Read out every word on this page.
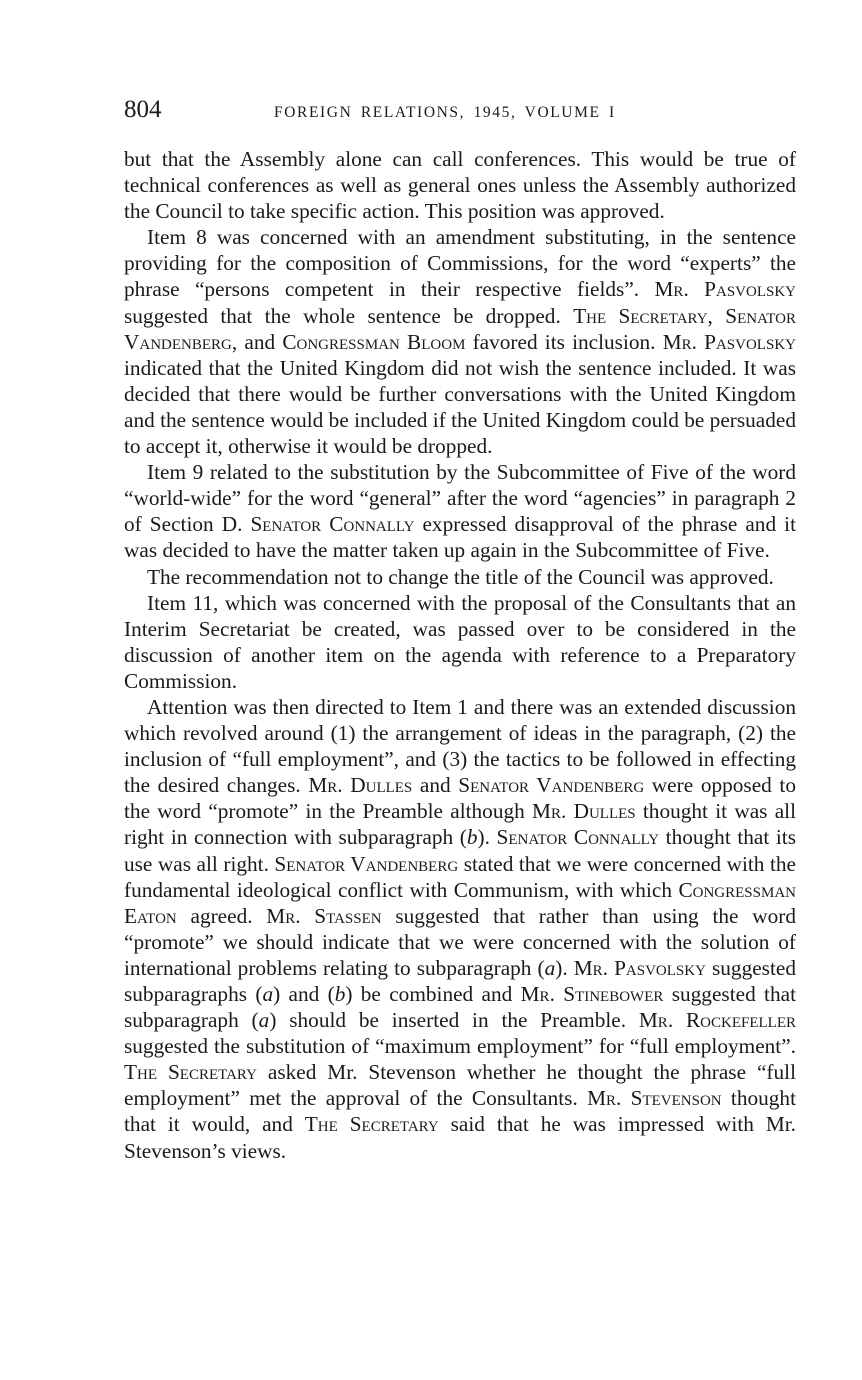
804	FOREIGN RELATIONS, 1945, VOLUME I

but that the Assembly alone can call conferences. This would be true of technical conferences as well as general ones unless the Assembly authorized the Council to take specific action. This position was approved.

Item 8 was concerned with an amendment substituting, in the sentence providing for the composition of Commissions, for the word “experts” the phrase “persons competent in their respective fields”. Mr. Pasvolsky suggested that the whole sentence be dropped. The Secretary, Senator Vandenberg, and Congressman Bloom favored its inclusion. Mr. Pasvolsky indicated that the United Kingdom did not wish the sentence included. It was decided that there would be further conversations with the United Kingdom and the sentence would be included if the United Kingdom could be persuaded to accept it, otherwise it would be dropped.

Item 9 related to the substitution by the Subcommittee of Five of the word “world-wide” for the word “general” after the word “agencies” in paragraph 2 of Section D. Senator Connally expressed disapproval of the phrase and it was decided to have the matter taken up again in the Subcommittee of Five.

The recommendation not to change the title of the Council was approved.

Item 11, which was concerned with the proposal of the Consultants that an Interim Secretariat be created, was passed over to be considered in the discussion of another item on the agenda with reference to a Preparatory Commission.

Attention was then directed to Item 1 and there was an extended discussion which revolved around (1) the arrangement of ideas in the paragraph, (2) the inclusion of “full employment”, and (3) the tactics to be followed in effecting the desired changes. Mr. Dulles and Senator Vandenberg were opposed to the word “promote” in the Preamble although Mr. Dulles thought it was all right in connection with subparagraph (b). Senator Connally thought that its use was all right. Senator Vandenberg stated that we were concerned with the fundamental ideological conflict with Communism, with which Congressman Eaton agreed. Mr. Stassen suggested that rather than using the word “promote” we should indicate that we were concerned with the solution of international problems relating to subparagraph (a). Mr. Pasvolsky suggested subparagraphs (a) and (b) be combined and Mr. Stinebower suggested that subparagraph (a) should be inserted in the Preamble. Mr. Rockefeller suggested the substitution of “maximum employment” for “full employment”. The Secretary asked Mr. Stevenson whether he thought the phrase “full employment” met the approval of the Consultants. Mr. Stevenson thought that it would, and The Secretary said that he was impressed with Mr. Stevenson’s views.
